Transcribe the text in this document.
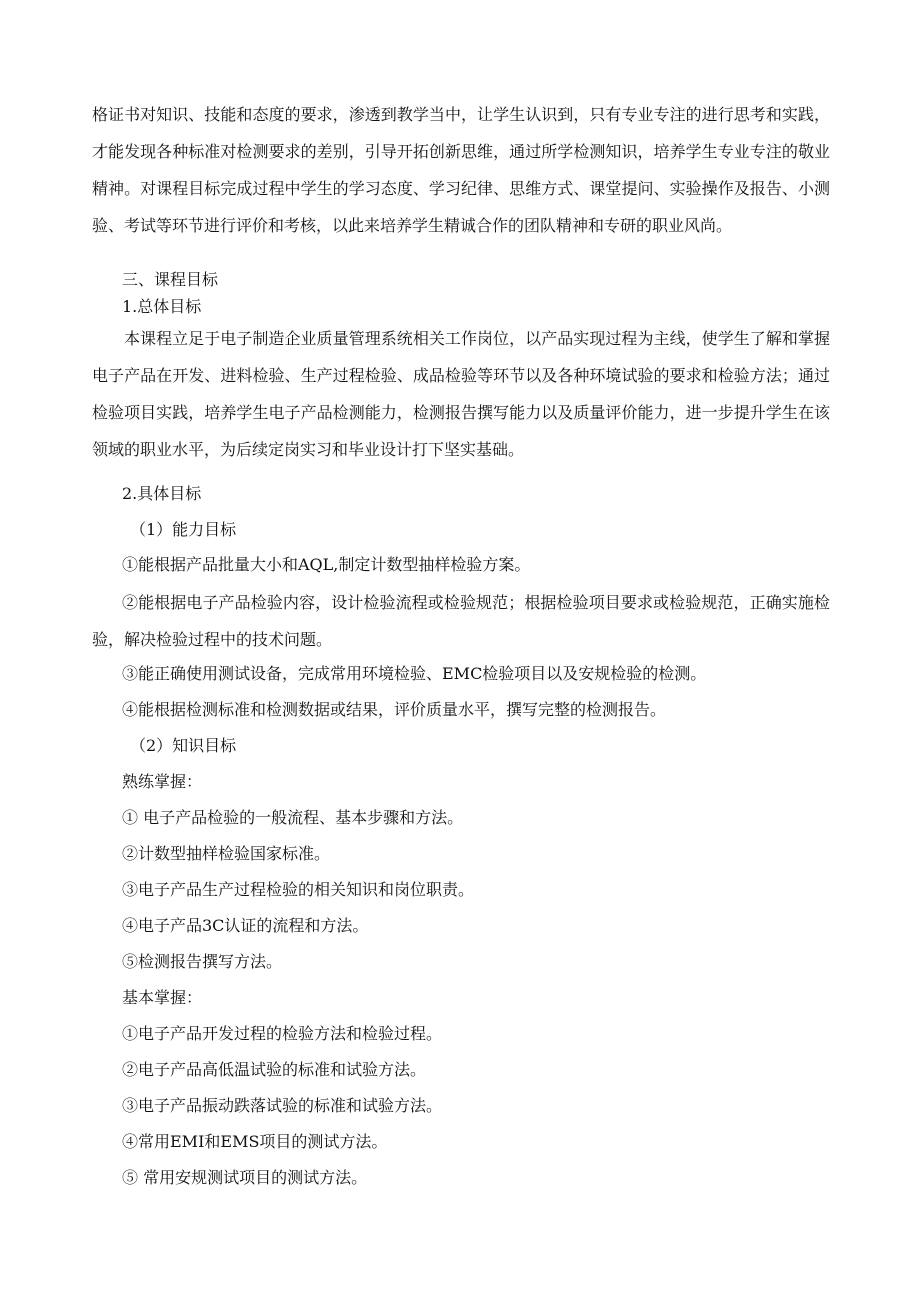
格证书对知识、技能和态度的要求，渗透到教学当中，让学生认识到，只有专业专注的进行思考和实践，才能发现各种标准对检测要求的差别，引导开拓创新思维，通过所学检测知识，培养学生专业专注的敬业精神。对课程目标完成过程中学生的学习态度、学习纪律、思维方式、课堂提问、实验操作及报告、小测验、考试等环节进行评价和考核，以此来培养学生精诚合作的团队精神和专研的职业风尚。

三、课程目标

1.总体目标

本课程立足于电子制造企业质量管理系统相关工作岗位，以产品实现过程为主线，使学生了解和掌握电子产品在开发、进料检验、生产过程检验、成品检验等环节以及各种环境试验的要求和检验方法；通过检验项目实践，培养学生电子产品检测能力，检测报告撰写能力以及质量评价能力，进一步提升学生在该领域的职业水平，为后续定岗实习和毕业设计打下坚实基础。

2.具体目标

（1）能力目标

①能根据产品批量大小和AQL,制定计数型抽样检验方案。

②能根据电子产品检验内容，设计检验流程或检验规范；根据检验项目要求或检验规范，正确实施检验，解决检验过程中的技术问题。

③能正确使用测试设备，完成常用环境检验、EMC检验项目以及安规检验的检测。

④能根据检测标准和检测数据或结果，评价质量水平，撰写完整的检测报告。

（2）知识目标

熟练掌握：

① 电子产品检验的一般流程、基本步骤和方法。

②计数型抽样检验国家标准。

③电子产品生产过程检验的相关知识和岗位职责。

④电子产品3C认证的流程和方法。

⑤检测报告撰写方法。

基本掌握：

①电子产品开发过程的检验方法和检验过程。

②电子产品高低温试验的标准和试验方法。

③电子产品振动跌落试验的标准和试验方法。

④常用EMI和EMS项目的测试方法。

⑤ 常用安规测试项目的测试方法。
